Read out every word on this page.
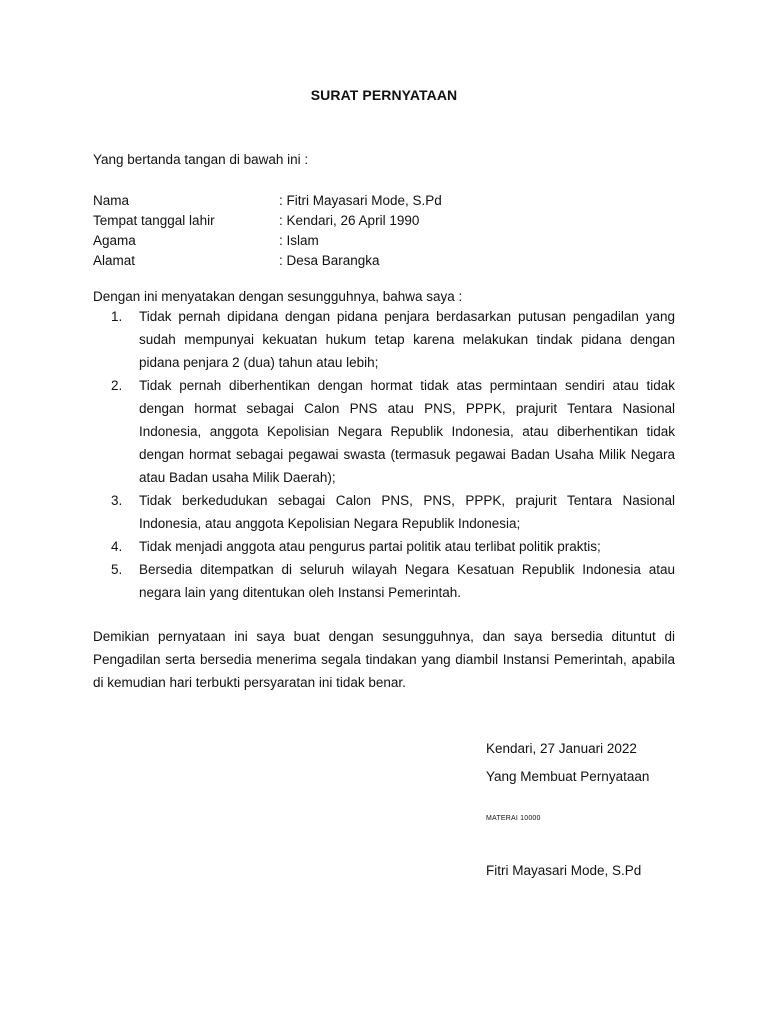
SURAT PERNYATAAN
Yang bertanda tangan di bawah ini :
Nama	: Fitri Mayasari Mode, S.Pd
Tempat tanggal lahir	: Kendari, 26 April 1990
Agama	: Islam
Alamat	: Desa Barangka
Dengan ini menyatakan dengan sesungguhnya, bahwa saya :
1.	Tidak pernah dipidana dengan pidana penjara berdasarkan putusan pengadilan yang sudah mempunyai kekuatan hukum tetap karena melakukan tindak pidana dengan pidana penjara 2 (dua) tahun atau lebih;
2.	Tidak pernah diberhentikan dengan hormat tidak atas permintaan sendiri atau tidak dengan hormat sebagai Calon PNS atau PNS, PPPK, prajurit Tentara Nasional Indonesia, anggota Kepolisian Negara Republik Indonesia, atau diberhentikan tidak dengan hormat sebagai pegawai swasta (termasuk pegawai Badan Usaha Milik Negara atau Badan usaha Milik Daerah);
3.	Tidak berkedudukan sebagai Calon PNS, PNS, PPPK, prajurit Tentara Nasional Indonesia, atau anggota Kepolisian Negara Republik Indonesia;
4.	Tidak menjadi anggota atau pengurus partai politik atau terlibat politik praktis;
5.	Bersedia ditempatkan di seluruh wilayah Negara Kesatuan Republik Indonesia atau negara lain yang ditentukan oleh Instansi Pemerintah.
Demikian pernyataan ini saya buat dengan sesungguhnya, dan saya bersedia dituntut di Pengadilan serta bersedia menerima segala tindakan yang diambil Instansi Pemerintah, apabila di kemudian hari terbukti persyaratan ini tidak benar.
Kendari, 27 Januari 2022
Yang Membuat Pernyataan
MATERAI 10000
Fitri Mayasari Mode, S.Pd
